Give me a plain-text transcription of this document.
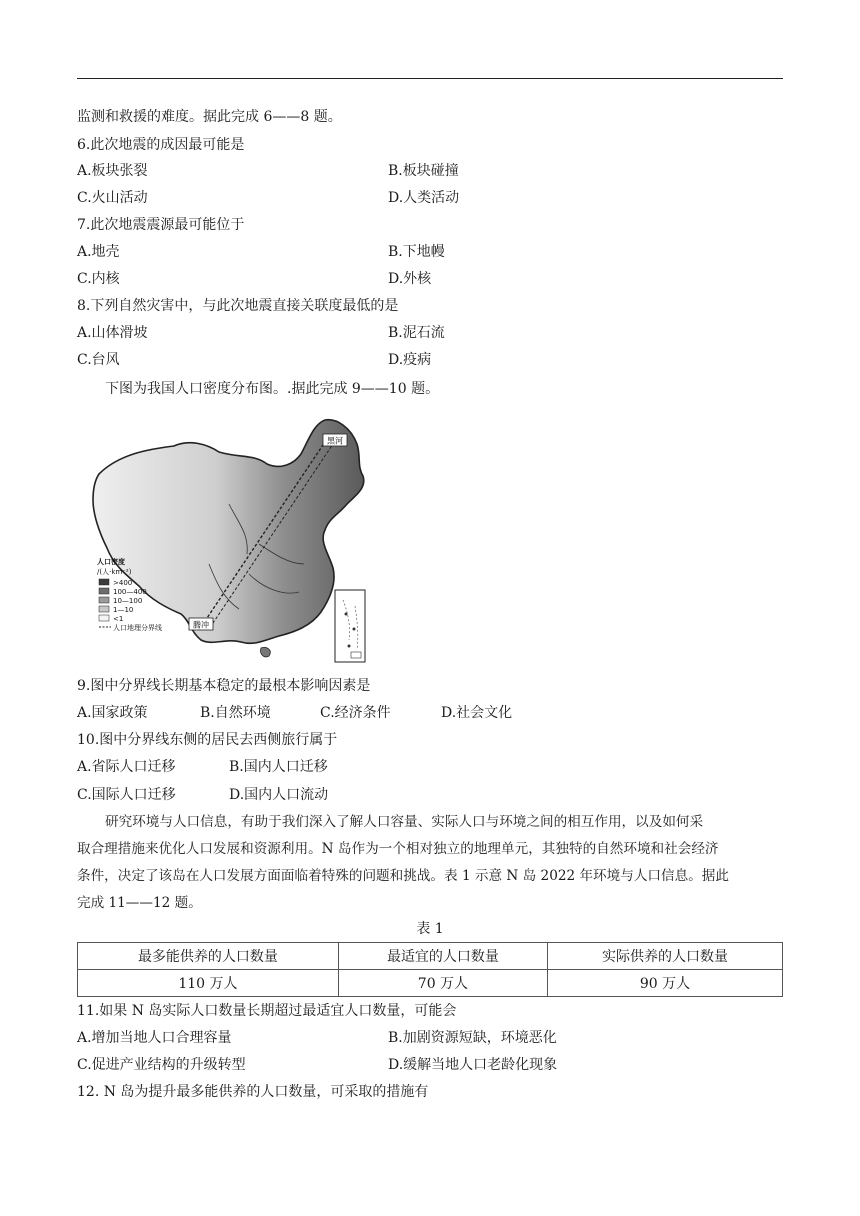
监测和救援的难度。据此完成 6——8 题。
6.此次地震的成因最可能是
A.板块张裂	B.板块碰撞
C.火山活动	D.人类活动
7.此次地震震源最可能位于
A.地壳	B.下地幔
C.内核	D.外核
8.下列自然灾害中，与此次地震直接关联度最低的是
A.山体滑坡	B.泥石流
C.台风	D.疫病
下图为我国人口密度分布图。.据此完成 9——10 题。
黑河
腾冲
人口密度
/(人·km⁻²)
>400
100—400
10—100
1—10
<1
人口地理分界线
9.图中分界线长期基本稳定的最根本影响因素是
A.国家政策	B.自然环境	C.经济条件	D.社会文化
10.图中分界线东侧的居民去西侧旅行属于
A.省际人口迁移	B.国内人口迁移
C.国际人口迁移	D.国内人口流动

研究环境与人口信息，有助于我们深入了解人口容量、实际人口与环境之间的相互作用，以及如何采

取合理措施来优化人口发展和资源利用。N 岛作为一个相对独立的地理单元，其独特的自然环境和社会经济

条件，决定了该岛在人口发展方面面临着特殊的问题和挑战。表 1 示意 N 岛 2022 年环境与人口信息。据此

完成 11——12 题。

表 1
最多能供养的人口数量	最适宜的人口数量	实际供养的人口数量
110 万人	70 万人	90 万人
11.如果 N 岛实际人口数量长期超过最适宜人口数量，可能会
A.增加当地人口合理容量	B.加剧资源短缺，环境恶化
C.促进产业结构的升级转型	D.缓解当地人口老龄化现象
12. N 岛为提升最多能供养的人口数量，可采取的措施有
